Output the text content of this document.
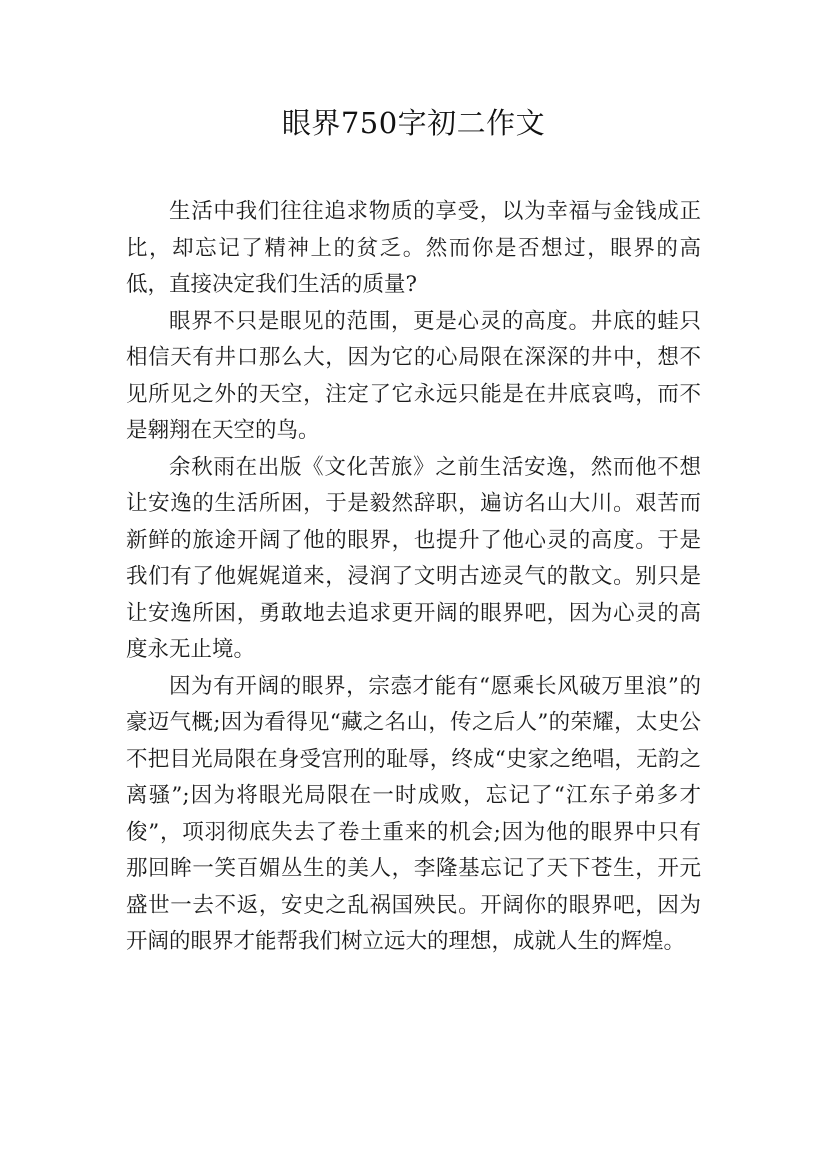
眼界750字初二作文

生活中我们往往追求物质的享受，以为幸福与金钱成正比，却忘记了精神上的贫乏。然而你是否想过，眼界的高低，直接决定我们生活的质量?

眼界不只是眼见的范围，更是心灵的高度。井底的蛙只相信天有井口那么大，因为它的心局限在深深的井中，想不见所见之外的天空，注定了它永远只能是在井底哀鸣，而不是翱翔在天空的鸟。

余秋雨在出版《文化苦旅》之前生活安逸，然而他不想让安逸的生活所困，于是毅然辞职，遍访名山大川。艰苦而新鲜的旅途开阔了他的眼界，也提升了他心灵的高度。于是我们有了他娓娓道来，浸润了文明古迹灵气的散文。别只是让安逸所困，勇敢地去追求更开阔的眼界吧，因为心灵的高度永无止境。

因为有开阔的眼界，宗悫才能有“愿乘长风破万里浪”的豪迈气概;因为看得见“藏之名山，传之后人”的荣耀，太史公不把目光局限在身受宫刑的耻辱，终成“史家之绝唱，无韵之离骚”;因为将眼光局限在一时成败，忘记了“江东子弟多才俊”，项羽彻底失去了卷土重来的机会;因为他的眼界中只有那回眸一笑百媚丛生的美人，李隆基忘记了天下苍生，开元盛世一去不返，安史之乱祸国殃民。开阔你的眼界吧，因为开阔的眼界才能帮我们树立远大的理想，成就人生的辉煌。
